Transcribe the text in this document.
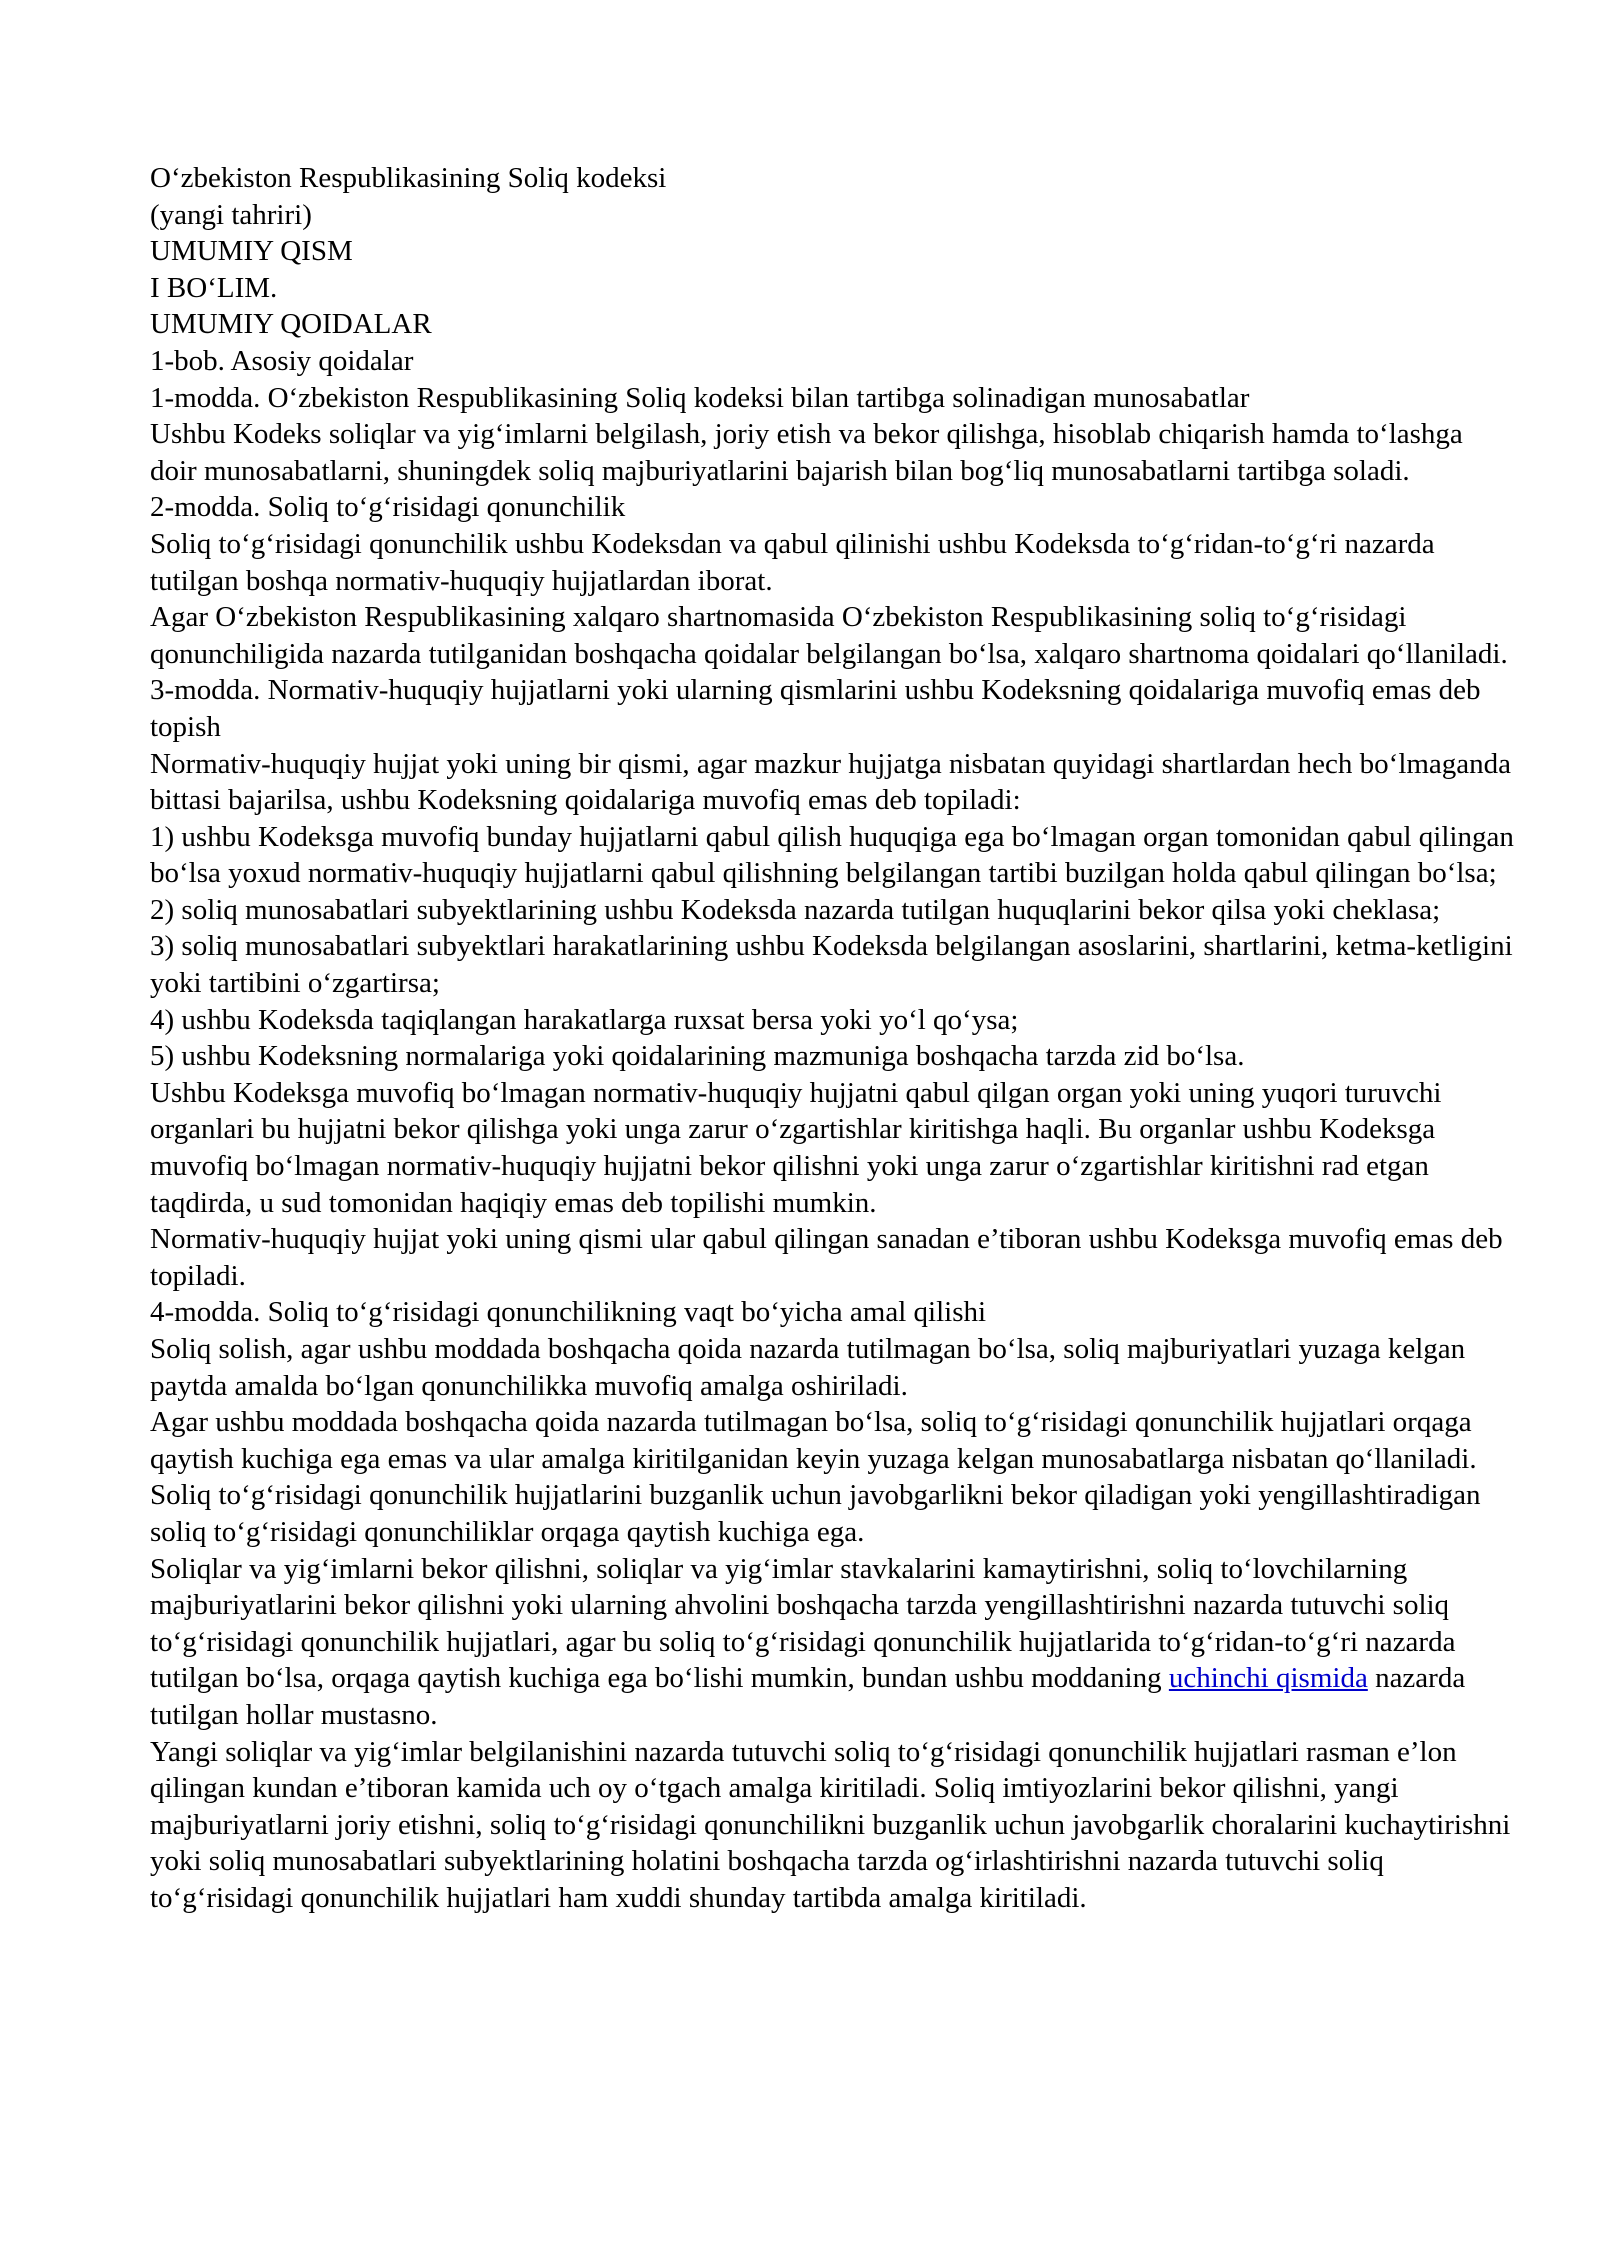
O‘zbekiston Respublikasining Soliq kodeksi

(yangi tahriri)

UMUMIY QISM

I BO‘LIM.

UMUMIY QOIDALAR

1-bob. Asosiy qoidalar

1-modda. O‘zbekiston Respublikasining Soliq kodeksi bilan tartibga solinadigan munosabatlar

Ushbu Kodeks soliqlar va yig‘imlarni belgilash, joriy etish va bekor qilishga, hisoblab chiqarish hamda to‘lashga doir munosabatlarni, shuningdek soliq majburiyatlarini bajarish bilan bog‘liq munosabatlarni tartibga soladi.

2-modda. Soliq to‘g‘risidagi qonunchilik

Soliq to‘g‘risidagi qonunchilik ushbu Kodeksdan va qabul qilinishi ushbu Kodeksda to‘g‘ridan-to‘g‘ri nazarda tutilgan boshqa normativ-huquqiy hujjatlardan iborat.

Agar O‘zbekiston Respublikasining xalqaro shartnomasida O‘zbekiston Respublikasining soliq to‘g‘risidagi qonunchiligida nazarda tutilganidan boshqacha qoidalar belgilangan bo‘lsa, xalqaro shartnoma qoidalari qo‘llaniladi.

3-modda. Normativ-huquqiy hujjatlarni yoki ularning qismlarini ushbu Kodeksning qoidalariga muvofiq emas deb topish

Normativ-huquqiy hujjat yoki uning bir qismi, agar mazkur hujjatga nisbatan quyidagi shartlardan hech bo‘lmaganda bittasi bajarilsa, ushbu Kodeksning qoidalariga muvofiq emas deb topiladi:

1) ushbu Kodeksga muvofiq bunday hujjatlarni qabul qilish huquqiga ega bo‘lmagan organ tomonidan qabul qilingan bo‘lsa yoxud normativ-huquqiy hujjatlarni qabul qilishning belgilangan tartibi buzilgan holda qabul qilingan bo‘lsa;

2) soliq munosabatlari subyektlarining ushbu Kodeksda nazarda tutilgan huquqlarini bekor qilsa yoki cheklasa;

3) soliq munosabatlari subyektlari harakatlarining ushbu Kodeksda belgilangan asoslarini, shartlarini, ketma-ketligini yoki tartibini o‘zgartirsa;

4) ushbu Kodeksda taqiqlangan harakatlarga ruxsat bersa yoki yo‘l qo‘ysa;

5) ushbu Kodeksning normalariga yoki qoidalarining mazmuniga boshqacha tarzda zid bo‘lsa.

Ushbu Kodeksga muvofiq bo‘lmagan normativ-huquqiy hujjatni qabul qilgan organ yoki uning yuqori turuvchi organlari bu hujjatni bekor qilishga yoki unga zarur o‘zgartishlar kiritishga haqli. Bu organlar ushbu Kodeksga muvofiq bo‘lmagan normativ-huquqiy hujjatni bekor qilishni yoki unga zarur o‘zgartishlar kiritishni rad etgan taqdirda, u sud tomonidan haqiqiy emas deb topilishi mumkin.

Normativ-huquqiy hujjat yoki uning qismi ular qabul qilingan sanadan e’tiboran ushbu Kodeksga muvofiq emas deb topiladi.

4-modda. Soliq to‘g‘risidagi qonunchilikning vaqt bo‘yicha amal qilishi

Soliq solish, agar ushbu moddada boshqacha qoida nazarda tutilmagan bo‘lsa, soliq majburiyatlari yuzaga kelgan paytda amalda bo‘lgan qonunchilikka muvofiq amalga oshiriladi.

Agar ushbu moddada boshqacha qoida nazarda tutilmagan bo‘lsa, soliq to‘g‘risidagi qonunchilik hujjatlari orqaga qaytish kuchiga ega emas va ular amalga kiritilganidan keyin yuzaga kelgan munosabatlarga nisbatan qo‘llaniladi.

Soliq to‘g‘risidagi qonunchilik hujjatlarini buzganlik uchun javobgarlikni bekor qiladigan yoki yengillashtiradigan soliq to‘g‘risidagi qonunchiliklar orqaga qaytish kuchiga ega.

Soliqlar va yig‘imlarni bekor qilishni, soliqlar va yig‘imlar stavkalarini kamaytirishni, soliq to‘lovchilarning majburiyatlarini bekor qilishni yoki ularning ahvolini boshqacha tarzda yengillashtirishni nazarda tutuvchi soliq to‘g‘risidagi qonunchilik hujjatlari, agar bu soliq to‘g‘risidagi qonunchilik hujjatlarida to‘g‘ridan-to‘g‘ri nazarda tutilgan bo‘lsa, orqaga qaytish kuchiga ega bo‘lishi mumkin, bundan ushbu moddaning uchinchi qismida nazarda tutilgan hollar mustasno.

Yangi soliqlar va yig‘imlar belgilanishini nazarda tutuvchi soliq to‘g‘risidagi qonunchilik hujjatlari rasman e’lon qilingan kundan e’tiboran kamida uch oy o‘tgach amalga kiritiladi. Soliq imtiyozlarini bekor qilishni, yangi majburiyatlarni joriy etishni, soliq to‘g‘risidagi qonunchilikni buzganlik uchun javobgarlik choralarini kuchaytirishni yoki soliq munosabatlari subyektlarining holatini boshqacha tarzda og‘irlashtirishni nazarda tutuvchi soliq to‘g‘risidagi qonunchilik hujjatlari ham xuddi shunday tartibda amalga kiritiladi.
